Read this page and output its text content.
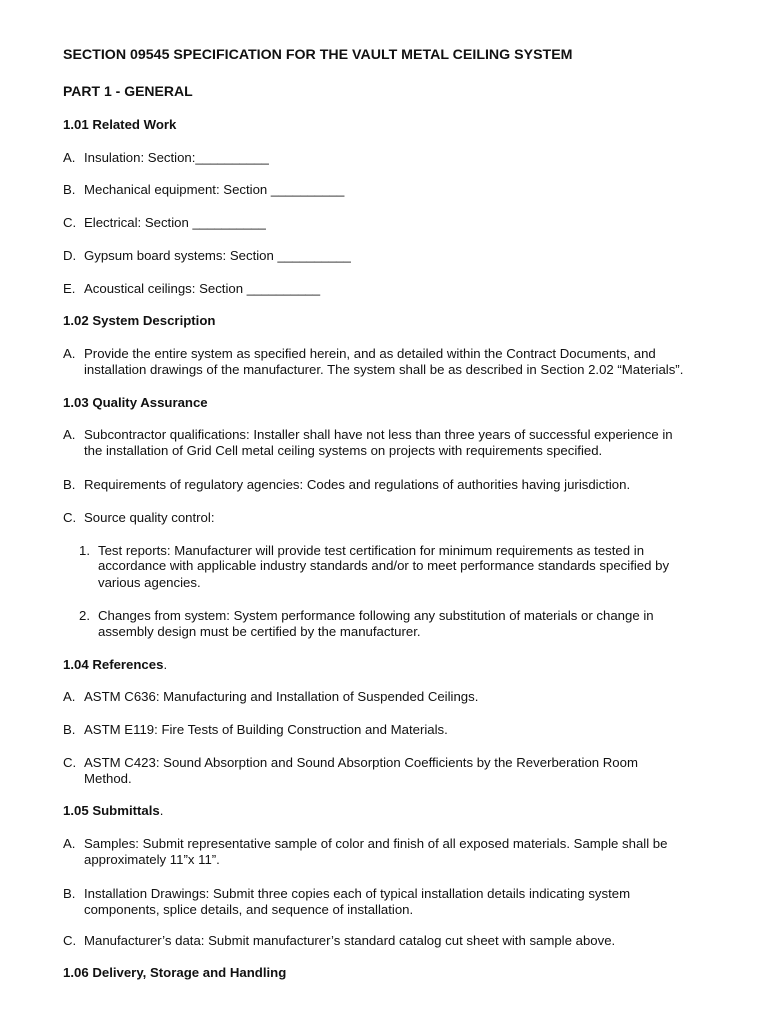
SECTION 09545 SPECIFICATION FOR THE VAULT METAL CEILING SYSTEM

PART 1 - GENERAL

1.01 Related Work

A. Insulation: Section:__________

B. Mechanical equipment: Section __________

C. Electrical: Section __________

D. Gypsum board systems: Section __________

E. Acoustical ceilings: Section __________

1.02 System Description

A. Provide the entire system as specified herein, and as detailed within the Contract Documents, and

installation drawings of the manufacturer. The system shall be as described in Section 2.02 “Materials”.

1.03 Quality Assurance

A. Subcontractor qualifications: Installer shall have not less than three years of successful experience in

the installation of Grid Cell metal ceiling systems on projects with requirements specified.

B. Requirements of regulatory agencies: Codes and regulations of authorities having jurisdiction.

C. Source quality control:

1. Test reports: Manufacturer will provide test certification for minimum requirements as tested in

accordance with applicable industry standards and/or to meet performance standards specified by

various agencies.

2. Changes from system: System performance following any substitution of materials or change in

assembly design must be certified by the manufacturer.

1.04 References.

A. ASTM C636: Manufacturing and Installation of Suspended Ceilings.

B. ASTM E119: Fire Tests of Building Construction and Materials.

C. ASTM C423: Sound Absorption and Sound Absorption Coefficients by the Reverberation Room

Method.

1.05 Submittals.

A. Samples: Submit representative sample of color and finish of all exposed materials. Sample shall be

approximately 11”x 11”.

B. Installation Drawings: Submit three copies each of typical installation details indicating system

components, splice details, and sequence of installation.

C. Manufacturer’s data: Submit manufacturer’s standard catalog cut sheet with sample above.

1.06 Delivery, Storage and Handling
